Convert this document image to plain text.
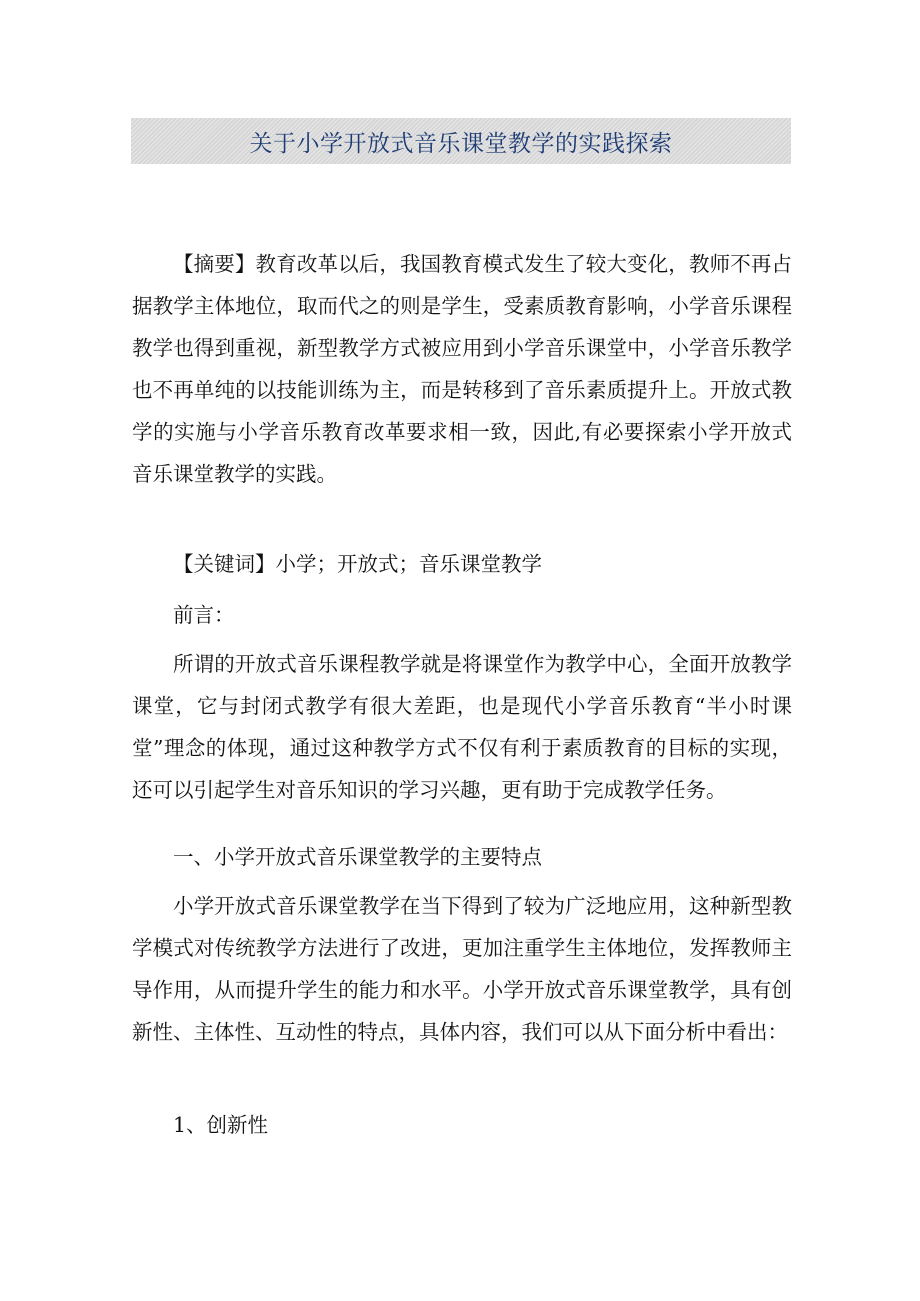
关于小学开放式音乐课堂教学的实践探索

【摘要】教育改革以后，我国教育模式发生了较大变化，教师不再占据教学主体地位，取而代之的则是学生，受素质教育影响，小学音乐课程教学也得到重视，新型教学方式被应用到小学音乐课堂中，小学音乐教学也不再单纯的以技能训练为主，而是转移到了音乐素质提升上。开放式教学的实施与小学音乐教育改革要求相一致，因此,有必要探索小学开放式音乐课堂教学的实践。

【关键词】小学；开放式；音乐课堂教学

前言：

所谓的开放式音乐课程教学就是将课堂作为教学中心，全面开放教学课堂，它与封闭式教学有很大差距，也是现代小学音乐教育“半小时课堂”理念的体现，通过这种教学方式不仅有利于素质教育的目标的实现，还可以引起学生对音乐知识的学习兴趣，更有助于完成教学任务。

一、小学开放式音乐课堂教学的主要特点

小学开放式音乐课堂教学在当下得到了较为广泛地应用，这种新型教学模式对传统教学方法进行了改进，更加注重学生主体地位，发挥教师主导作用，从而提升学生的能力和水平。小学开放式音乐课堂教学，具有创新性、主体性、互动性的特点，具体内容，我们可以从下面分析中看出：

1、创新性
